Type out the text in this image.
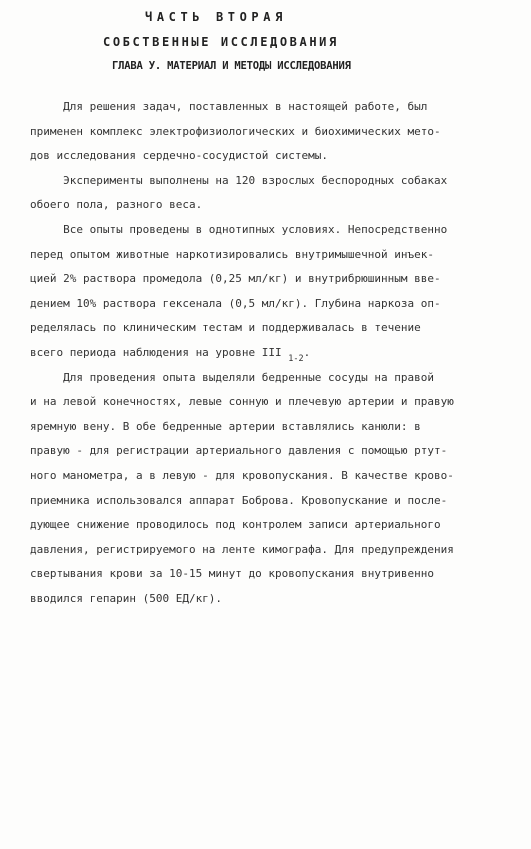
ЧАСТЬ ВТОРАЯ
СОБСТВЕННЫЕ ИССЛЕДОВАНИЯ
ГЛАВА У. МАТЕРИАЛ И МЕТОДЫ ИССЛЕДОВАНИЯ
Для решения задач, поставленных в настоящей работе, был
применен комплекс электрофизиологических и биохимических мето-
дов исследования сердечно-сосудистой системы.
Эксперименты выполнены на 120 взрослых беспородных собаках
обоего пола, разного веса.
Все опыты проведены в однотипных условиях. Непосредственно
перед опытом животные наркотизировались внутримышечной инъек-
цией 2% раствора промедола (0,25 мл/кг) и внутрибрюшинным вве-
дением 10% раствора гексенала (0,5 мл/кг). Глубина наркоза оп-
ределялась по клиническим тестам и поддерживалась в течение
всего периода наблюдения на уровне III $_{1-2}$.
Для проведения опыта выделяли бедренные сосуды на правой
и на левой конечностях, левые сонную и плечевую артерии и правую
яремную вену. В обе бедренные артерии вставлялись канюли: в
правую - для регистрации артериального давления с помощью ртут-
ного манометра, а в левую - для кровопускания. В качестве крово-
приемника использовался аппарат Боброва. Кровопускание и после-
дующее снижение проводилось под контролем записи артериального
давления, регистрируемого на ленте кимографа. Для предупреждения
свертывания крови за 10-15 минут до кровопускания внутривенно
вводился гепарин (500 ЕД/кг).
